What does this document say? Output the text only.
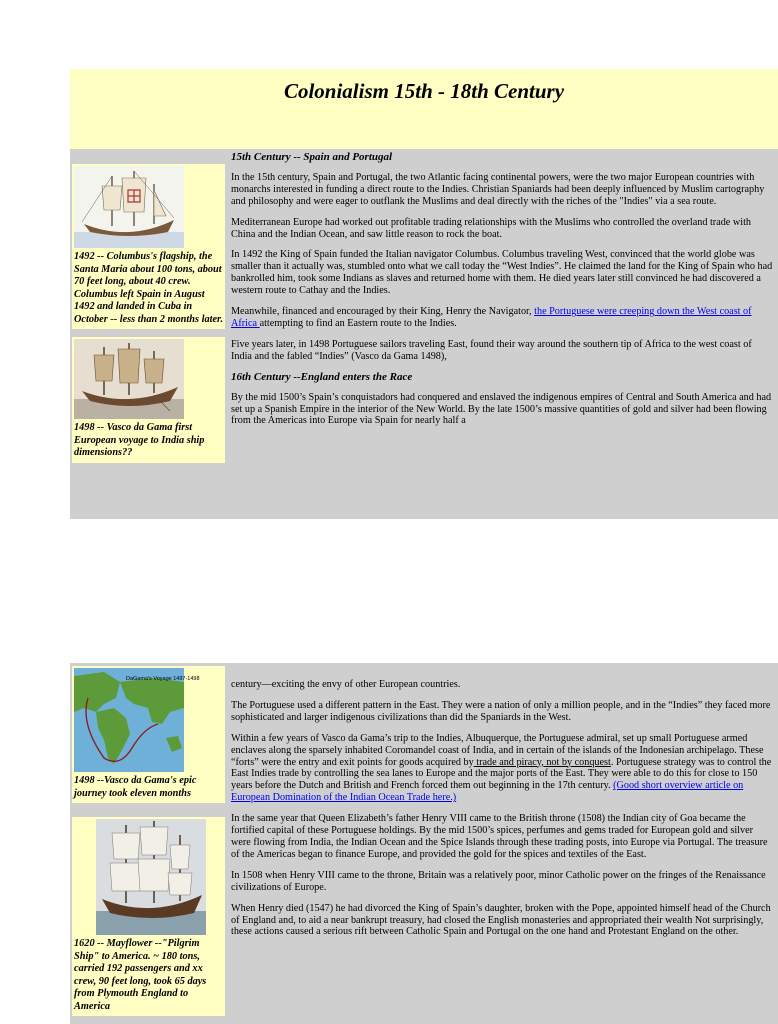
Colonialism 15th - 18th Century
1492 -- Columbus's flagship, the Santa Maria about 100 tons, about 70 feet long, about 40 crew. Columbus left Spain in August 1492 and landed in Cuba in October -- less than 2 months later.
1498 -- Vasco da Gama first European voyage to India ship dimensions??
15th Century -- Spain and Portugal

In the 15th century, Spain and Portugal, the two Atlantic facing continental powers, were the two major European countries with monarchs interested in funding a direct route to the Indies. Christian Spaniards had been deeply influenced by Muslim cartography and philosophy and were eager to outflank the Muslims and deal directly with the riches of the "Indies" via a sea route.

Mediterranean Europe had worked out profitable trading relationships with the Muslims who controlled the overland trade with China and the Indian Ocean, and saw little reason to rock the boat.

In 1492 the King of Spain funded the Italian navigator Columbus. Columbus traveling West, convinced that the world globe was smaller than it actually was, stumbled onto what we call today the “West Indies”. He claimed the land for the King of Spain who had bankrolled him, took some Indians as slaves and returned home with them. He died years later still convinced he had discovered a western route to Cathay and the Indies.

Meanwhile, financed and encouraged by their King, Henry the Navigator, the Portuguese were creeping down the West coast of Africa attempting to find an Eastern route to the Indies.

Five years later, in 1498 Portuguese sailors traveling East, found their way around the southern tip of Africa to the west coast of India and the fabled “Indies” (Vasco da Gama 1498),

16th Century --England enters the Race

By the mid 1500’s Spain’s conquistadors had conquered and enslaved the indigenous empires of Central and South America and had set up a Spanish Empire in the interior of the New World. By the late 1500’s massive quantities of gold and silver had been flowing from the Americas into Europe via Spain for nearly half a

DaGama's Voyage 1497-1498
1498 --Vasco da Gama's epic journey took eleven months
1620 -- Mayflower --"Pilgrim Ship" to America. ~ 180 tons, carried 192 passengers and xx crew, 90 feet long, took 65 days from Plymouth England to America

century—exciting the envy of other European countries.

The Portuguese used a different pattern in the East. They were a nation of only a million people, and in the “Indies” they faced more sophisticated and larger indigenous civilizations than did the Spaniards in the West.

Within a few years of Vasco da Gama’s trip to the Indies, Albuquerque, the Portuguese admiral, set up small Portuguese armed enclaves along the sparsely inhabited Coromandel coast of India, and in certain of the islands of the Indonesian archipelago. These “forts” were the entry and exit points for goods acquired by trade and piracy, not by conquest. Portuguese strategy was to control the East Indies trade by controlling the sea lanes to Europe and the major ports of the East. They were able to do this for close to 150 years before the Dutch and British and French forced them out beginning in the 17th century. (Good short overview article on European Domination of the Indian Ocean Trade here.)

In the same year that Queen Elizabeth’s father Henry VIII came to the British throne (1508) the Indian city of Goa became the fortified capital of these Portuguese holdings. By the mid 1500’s spices, perfumes and gems traded for European gold and silver were flowing from India, the Indian Ocean and the Spice Islands through these trading posts, into Europe via Portugal. The treasure of the Americas began to finance Europe, and provided the gold for the spices and textiles of the East.

In 1508 when Henry VIII came to the throne, Britain was a relatively poor, minor Catholic power on the fringes of the Renaissance civilizations of Europe.

When Henry died (1547) he had divorced the King of Spain’s daughter, broken with the Pope, appointed himself head of the Church of England and, to aid a near bankrupt treasury, had closed the English monasteries and appropriated their wealth Not surprisingly, these actions caused a serious rift between Catholic Spain and Portugal on the one hand and Protestant England on the other.
